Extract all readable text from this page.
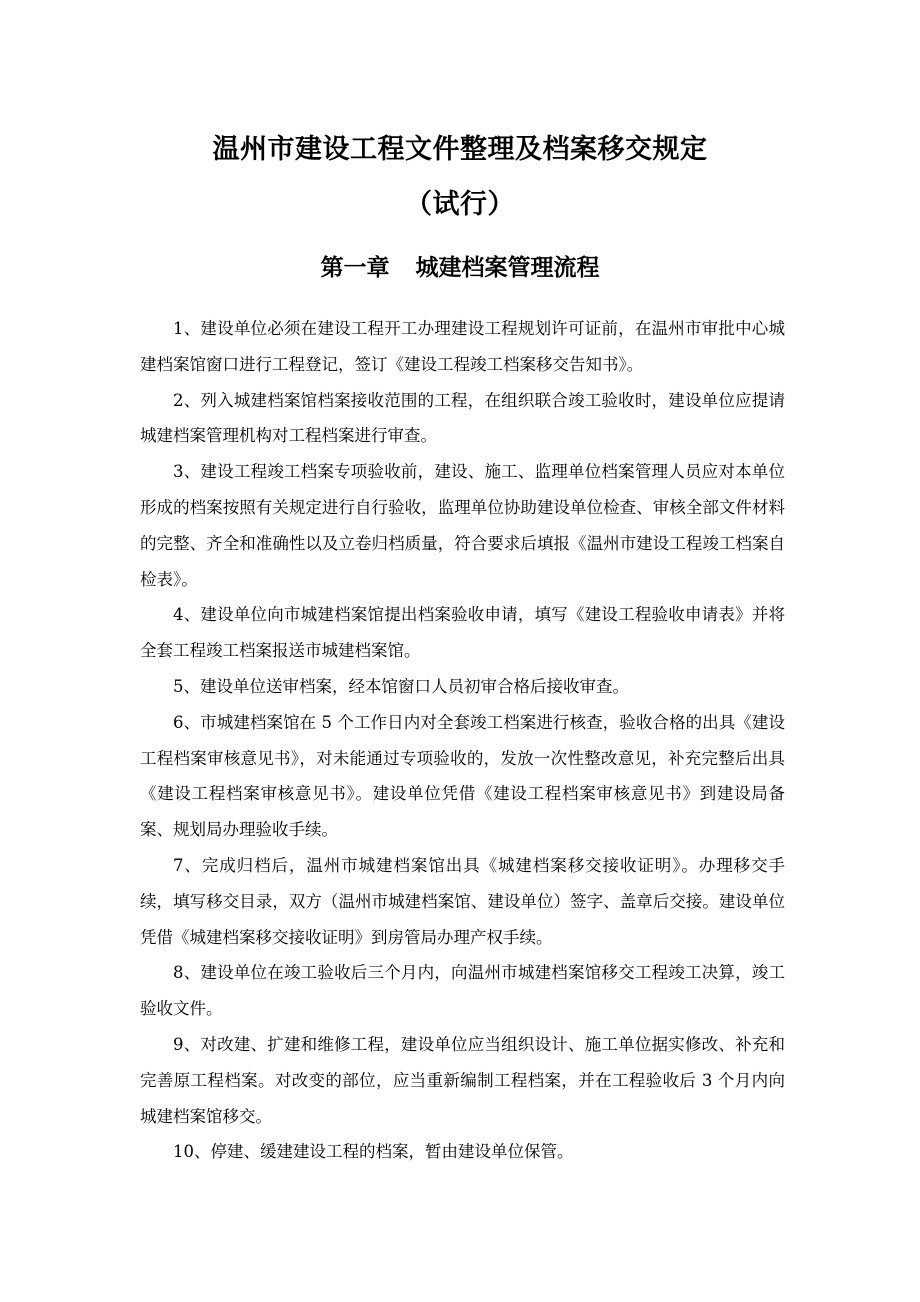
温州市建设工程文件整理及档案移交规定
（试行）
第一章 城建档案管理流程

1、建设单位必须在建设工程开工办理建设工程规划许可证前，在温州市审批中心城建档案馆窗口进行工程登记，签订《建设工程竣工档案移交告知书》。

2、列入城建档案馆档案接收范围的工程，在组织联合竣工验收时，建设单位应提请城建档案管理机构对工程档案进行审查。

3、建设工程竣工档案专项验收前，建设、施工、监理单位档案管理人员应对本单位形成的档案按照有关规定进行自行验收，监理单位协助建设单位检查、审核全部文件材料的完整、齐全和准确性以及立卷归档质量，符合要求后填报《温州市建设工程竣工档案自检表》。

4、建设单位向市城建档案馆提出档案验收申请，填写《建设工程验收申请表》并将全套工程竣工档案报送市城建档案馆。

5、建设单位送审档案，经本馆窗口人员初审合格后接收审查。

6、市城建档案馆在 5 个工作日内对全套竣工档案进行核查，验收合格的出具《建设工程档案审核意见书》，对未能通过专项验收的，发放一次性整改意见，补充完整后出具《建设工程档案审核意见书》。建设单位凭借《建设工程档案审核意见书》到建设局备案、规划局办理验收手续。

7、完成归档后，温州市城建档案馆出具《城建档案移交接收证明》。办理移交手续，填写移交目录，双方（温州市城建档案馆、建设单位）签字、盖章后交接。建设单位凭借《城建档案移交接收证明》到房管局办理产权手续。

8、建设单位在竣工验收后三个月内，向温州市城建档案馆移交工程竣工决算，竣工验收文件。

9、对改建、扩建和维修工程，建设单位应当组织设计、施工单位据实修改、补充和完善原工程档案。对改变的部位，应当重新编制工程档案，并在工程验收后 3 个月内向城建档案馆移交。

10、停建、缓建建设工程的档案，暂由建设单位保管。
